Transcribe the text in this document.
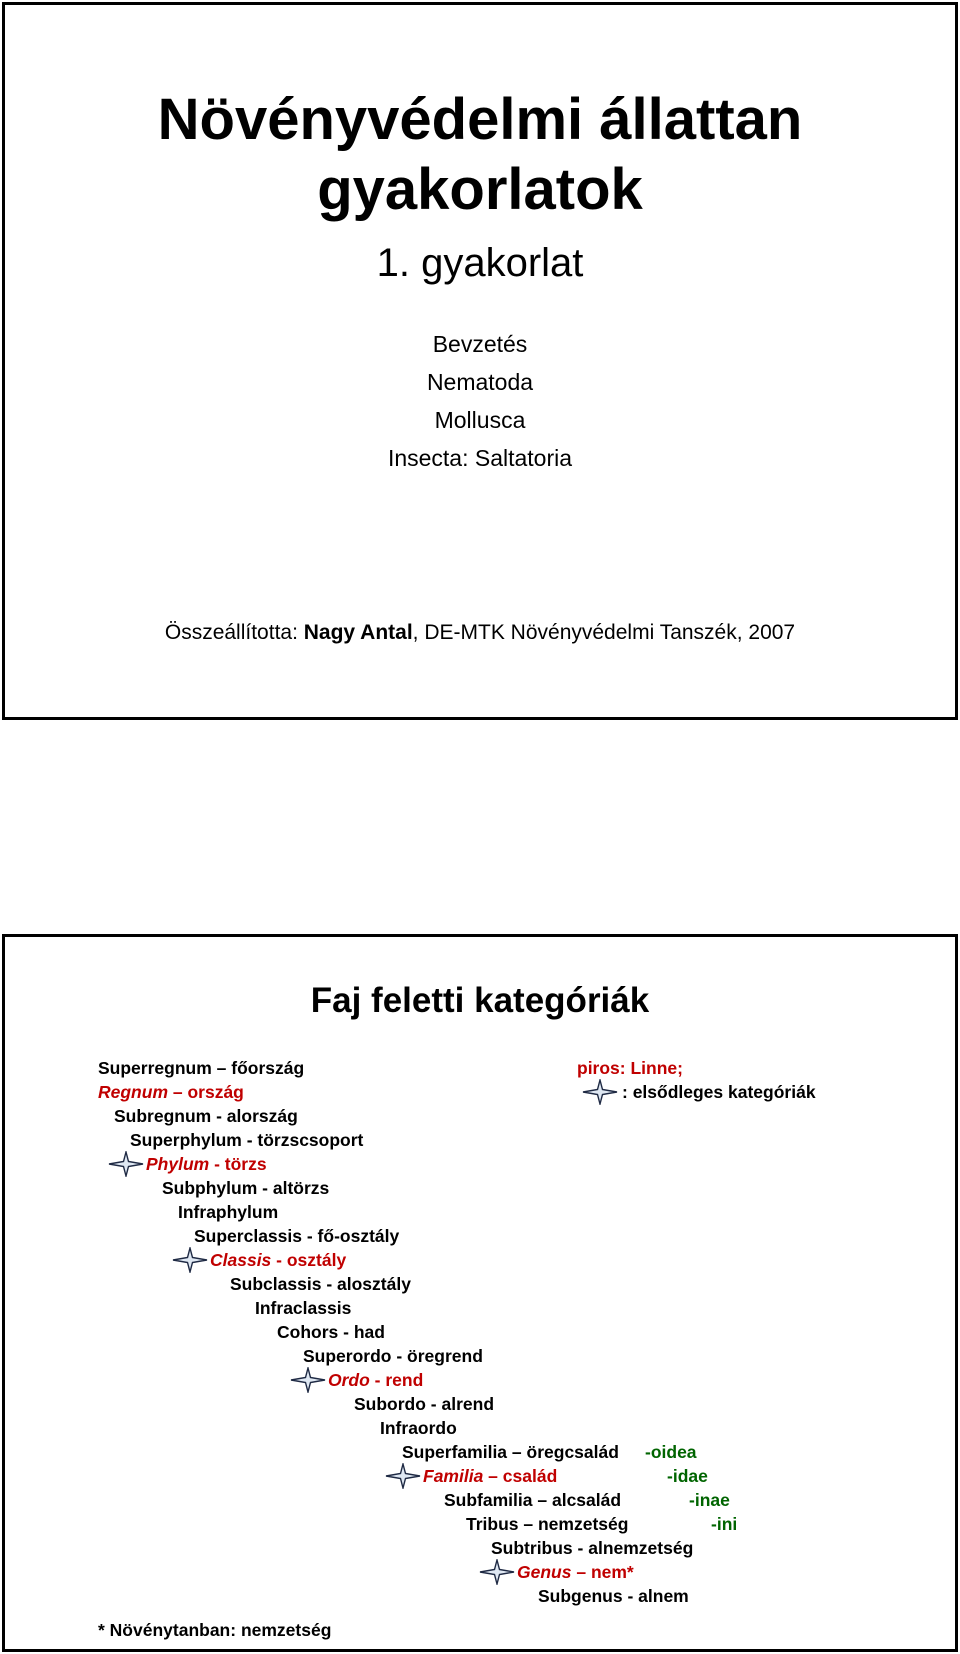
Növényvédelmi állattan
gyakorlatok
1. gyakorlat
Bevzetés
Nematoda
Mollusca
Insecta: Saltatoria
Összeállította: Nagy Antal, DE-MTK Növényvédelmi Tanszék, 2007
Faj feletti kategóriák
piros: Linne;
: elsődleges kategóriák
* Növénytanban: nemzetség
Superregnum – főország
Regnum – ország
Subregnum - alország
Superphylum - törzscsoport
Phylum - törzs
Subphylum - altörzs
Infraphylum
Superclassis - fő-osztály
Classis - osztály
Subclassis - alosztály
Infraclassis
Cohors - had
Superordo - öregrend
Ordo - rend
Subordo - alrend
Infraordo
Superfamilia – öregcsalád -oidea
Familia – család	-idae
Subfamilia – alcsalád	-inae
Tribus – nemzetség	-ini
Subtribus - alnemzetség
Genus – nem*
Subgenus - alnem
